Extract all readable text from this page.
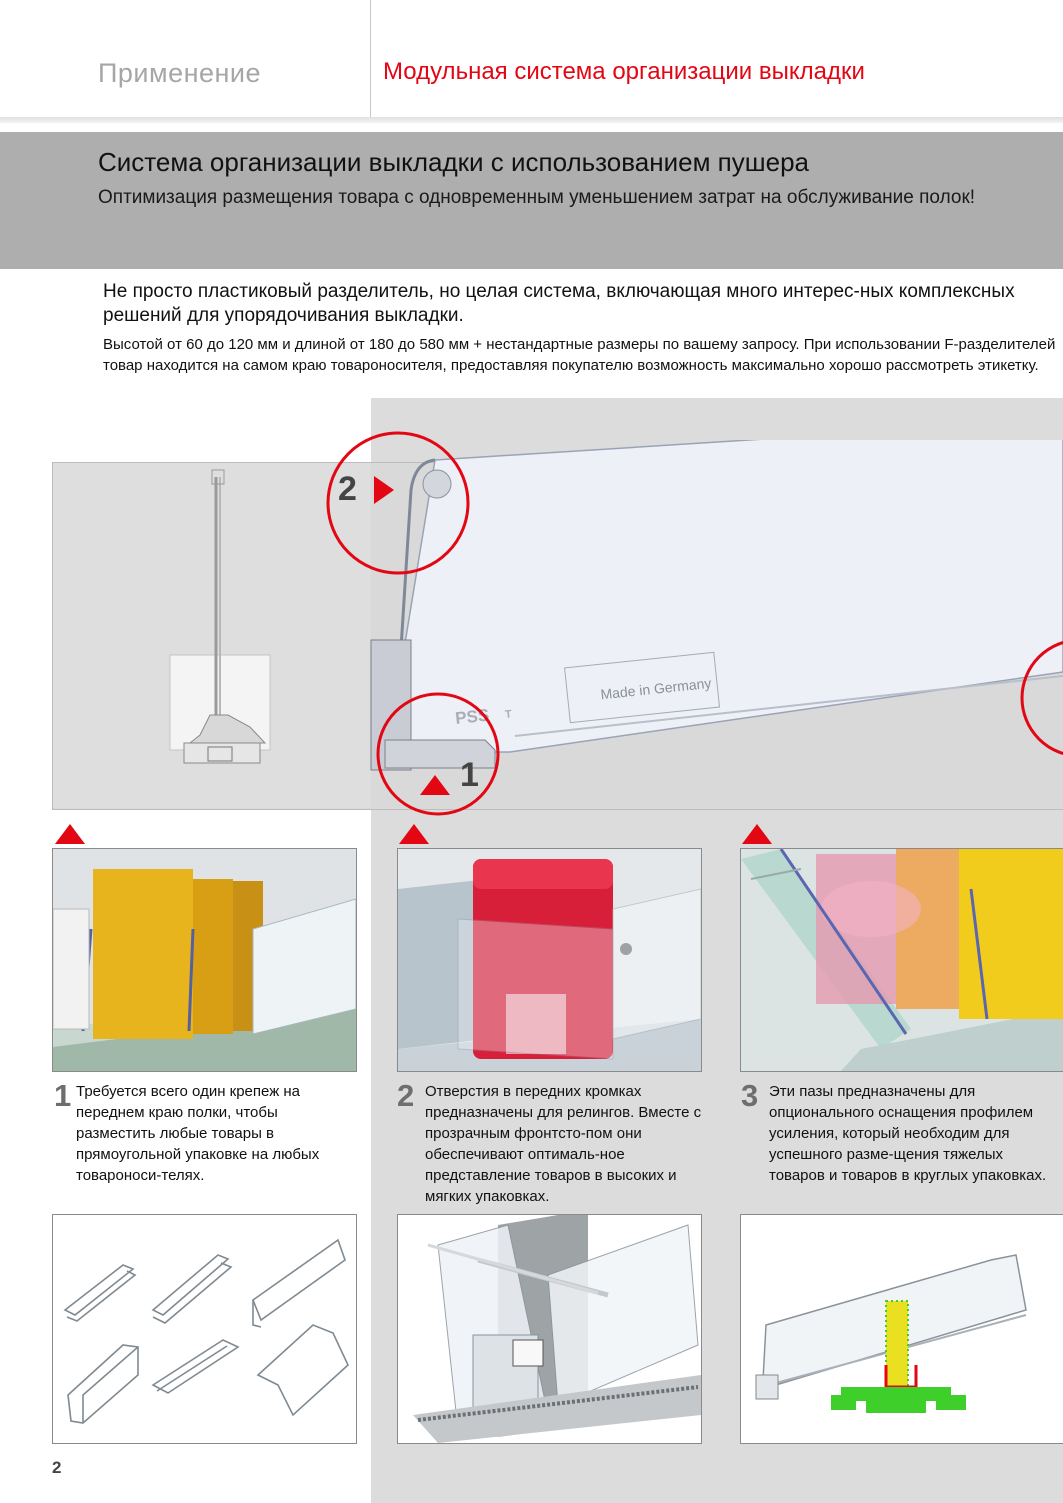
Применение	Модульная система организации выкладки
Система организации выкладки с использованием пушера
Оптимизация размещения товара с одновременным уменьшением затрат на обслуживание полок!
Не просто пластиковый разделитель, но целая система, включающая много интерес-ных комплексных решений для упорядочивания выкладки.
Высотой от 60 до 120 мм и длиной от 180 до 580 мм + нестандартные размеры по вашему запросу. При использовании F-разделителей товар находится на самом краю товароносителя, предоставляя покупателю возможность максимально хорошо рассмотреть этикетку.
Made in Germany
PSS T
2
1
1 Требуется всего один крепеж на переднем краю полки, чтобы разместить любые товары в прямоугольной упаковке на любых товароноси-телях.
2 Отверстия в передних кромках предназначены для релингов. Вместе с прозрачным фронтсто-пом они обеспечивают оптималь-ное представление товаров в высоких и мягких упаковках.
3 Эти пазы предназначены для опционального оснащения профилем усиления, который необходим для успешного разме-щения тяжелых товаров и товаров в круглых упаковках.
2
